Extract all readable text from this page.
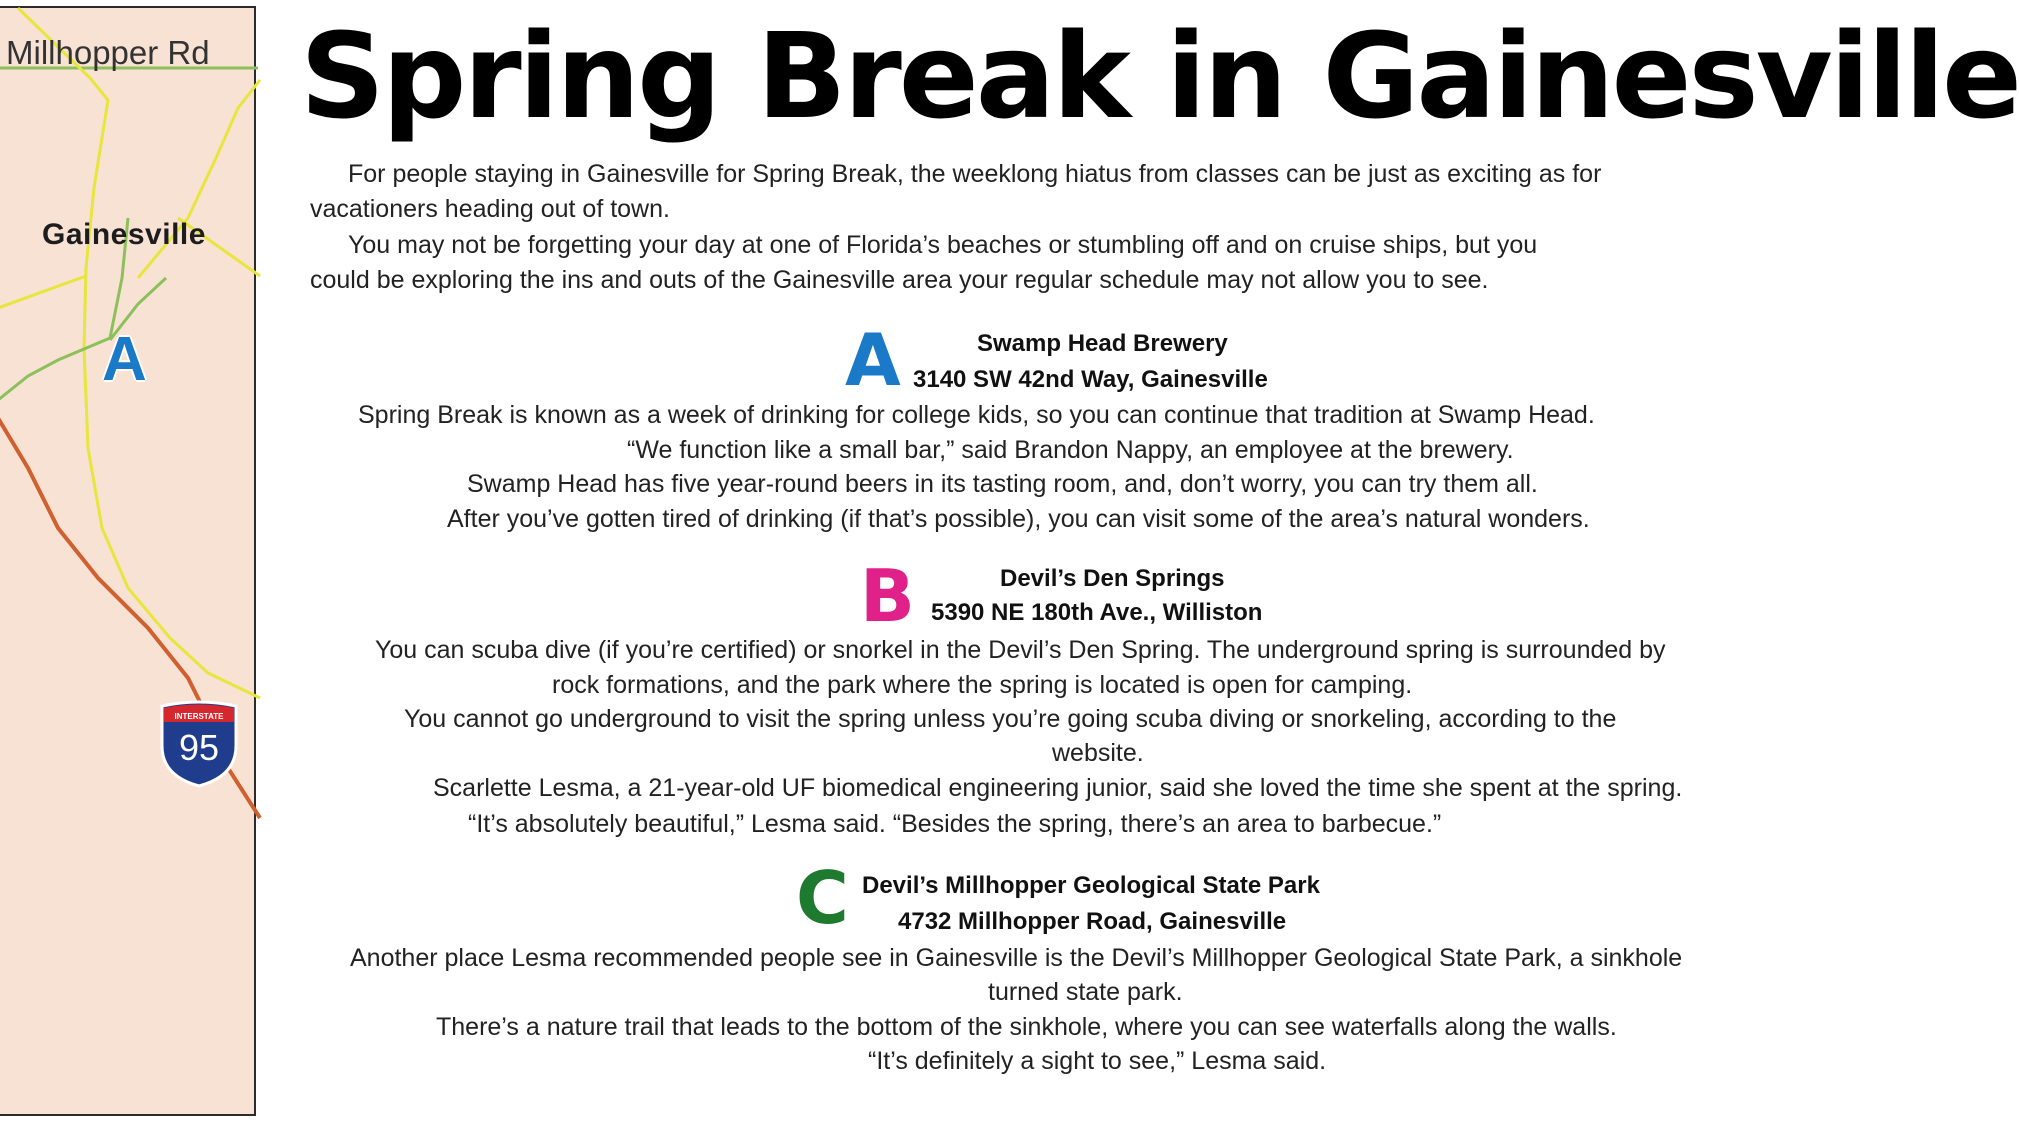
Millhopper Rd
Gainesville
A
INTERSTATE
95
Spring Break in Gainesville
For people staying in Gainesville for Spring Break, the weeklong hiatus from classes can be just as exciting as for
vacationers heading out of town.
You may not be forgetting your day at one of Florida’s beaches or stumbling off and on cruise ships, but you
could be exploring the ins and outs of the Gainesville area your regular schedule may not allow you to see.
A	Swamp Head Brewery
3140 SW 42nd Way, Gainesville
Spring Break is known as a week of drinking for college kids, so you can continue that tradition at Swamp Head.
“We function like a small bar,” said Brandon Nappy, an employee at the brewery.
Swamp Head has five year-round beers in its tasting room, and, don’t worry, you can try them all.
After you’ve gotten tired of drinking (if that’s possible), you can visit some of the area’s natural wonders.
B	Devil’s Den Springs
5390 NE 180th Ave., Williston
You can scuba dive (if you’re certified) or snorkel in the Devil’s Den Spring. The underground spring is surrounded by
rock formations, and the park where the spring is located is open for camping.
You cannot go underground to visit the spring unless you’re going scuba diving or snorkeling, according to the
website.
Scarlette Lesma, a 21-year-old UF biomedical engineering junior, said she loved the time she spent at the spring.
“It’s absolutely beautiful,” Lesma said. “Besides the spring, there’s an area to barbecue.”
C Devil’s Millhopper Geological State Park
4732 Millhopper Road, Gainesville
Another place Lesma recommended people see in Gainesville is the Devil’s Millhopper Geological State Park, a sinkhole
turned state park.
There’s a nature trail that leads to the bottom of the sinkhole, where you can see waterfalls along the walls.
“It’s definitely a sight to see,” Lesma said.
